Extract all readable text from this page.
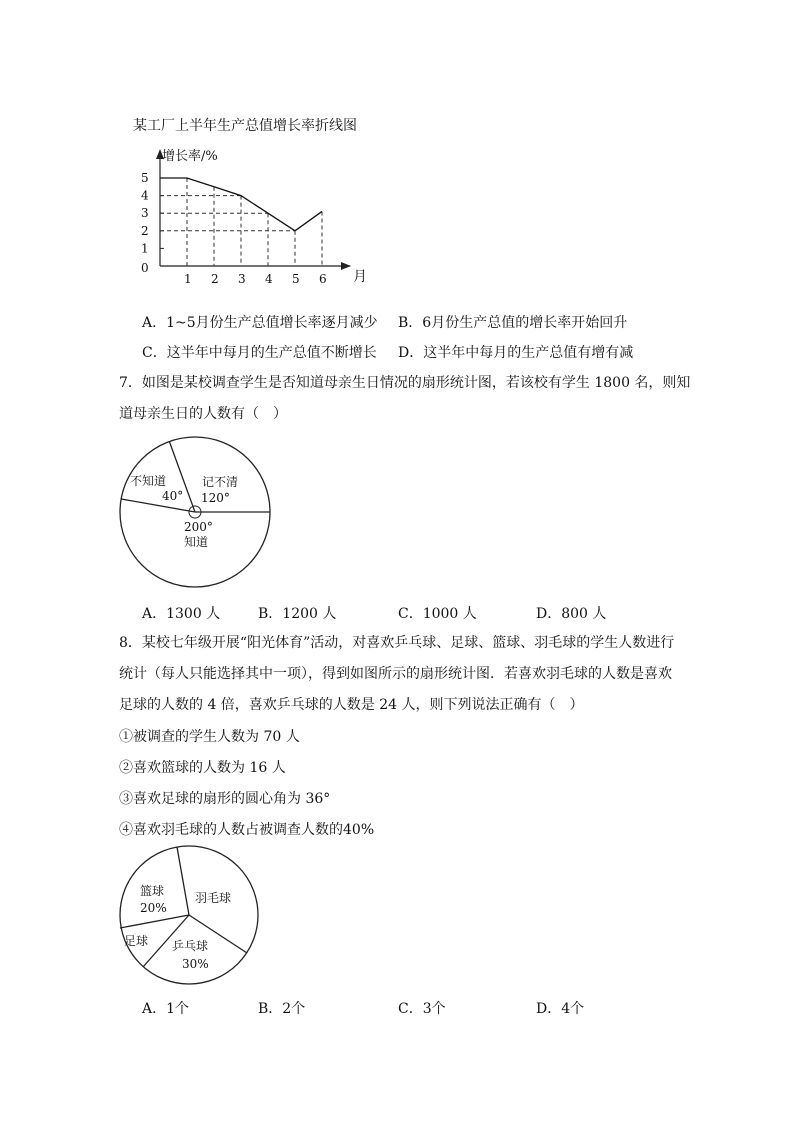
某工厂上半年生产总值增长率折线图
增长率/%
月
0
1
2
3
4
5
1 2 3 4 5 6
A．1~5月份生产总值增长率逐月减少 B．6月份生产总值的增长率开始回升
C．这半年中每月的生产总值不断增长 D．这半年中每月的生产总值有增有减
7．如图是某校调查学生是否知道母亲生日情况的扇形统计图，若该校有学生 1800 名，则知
道母亲生日的人数有（　）
不知道
40°
记不清
120°
200°
知道
A．1300 人	B．1200 人	C．1000 人	D．800 人
8．某校七年级开展“阳光体育”活动，对喜欢乒乓球、足球、篮球、羽毛球的学生人数进行
统计（每人只能选择其中一项），得到如图所示的扇形统计图．若喜欢羽毛球的人数是喜欢
足球的人数的 4 倍，喜欢乒乓球的人数是 24 人，则下列说法正确有（　）
①被调查的学生人数为 70 人
②喜欢篮球的人数为 16 人
③喜欢足球的扇形的圆心角为 36°
④喜欢羽毛球的人数占被调查人数的40%
篮球
20%
羽毛球
乒乓球
30%
足球
A．1个	B．2个	C．3个	D．4个
